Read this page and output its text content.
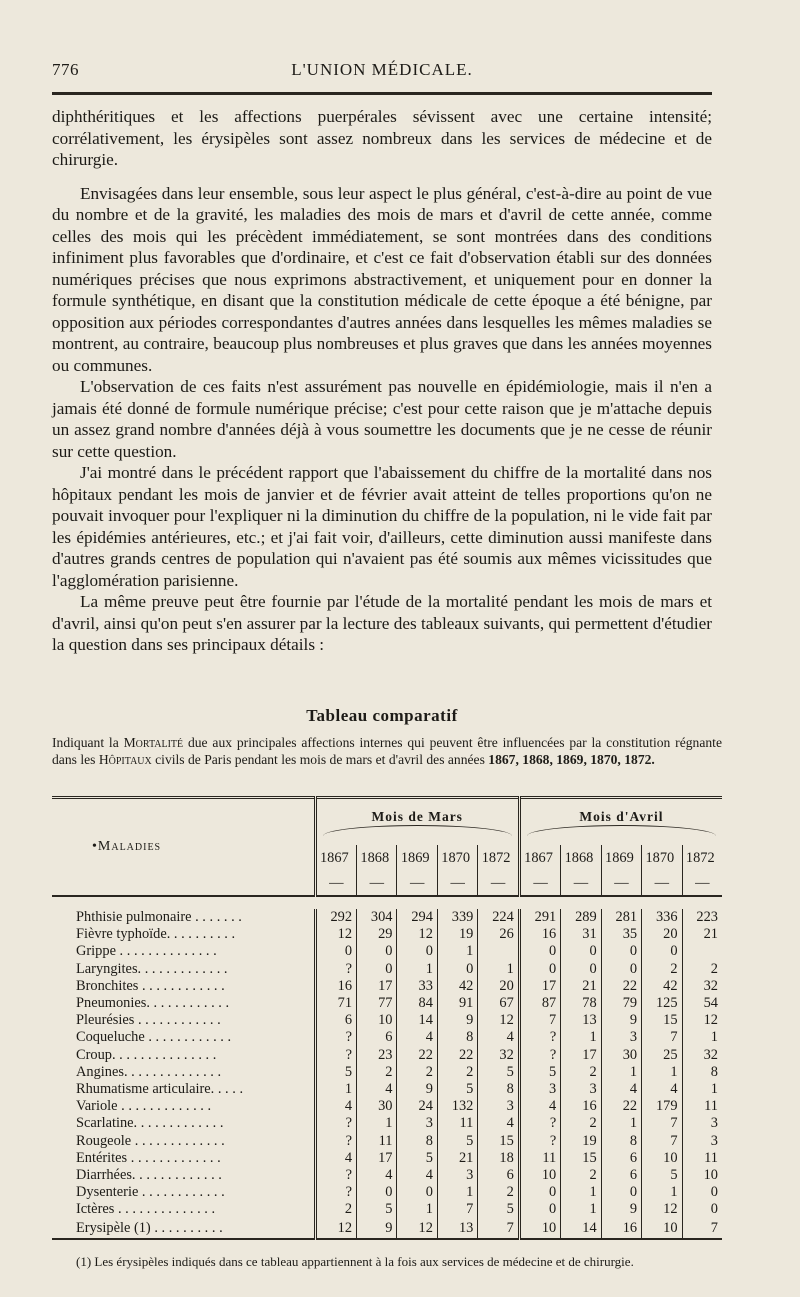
776	L'UNION MÉDICALE.

diphthéritiques et les affections puerpérales sévissent avec une certaine intensité; corrélativement, les érysipèles sont assez nombreux dans les services de médecine et de chirurgie.

Envisagées dans leur ensemble, sous leur aspect le plus général, c'est-à-dire au point de vue du nombre et de la gravité, les maladies des mois de mars et d'avril de cette année, comme celles des mois qui les précèdent immédiatement, se sont montrées dans des conditions infiniment plus favorables que d'ordinaire, et c'est ce fait d'observation établi sur des données numériques précises que nous exprimons abstractivement, et uniquement pour en donner la formule synthétique, en disant que la constitution médicale de cette époque a été bénigne, par opposition aux périodes correspondantes d'autres années dans lesquelles les mêmes maladies se montrent, au contraire, beaucoup plus nombreuses et plus graves que dans les années moyennes ou communes.

L'observation de ces faits n'est assurément pas nouvelle en épidémiologie, mais il n'en a jamais été donné de formule numérique précise; c'est pour cette raison que je m'attache depuis un assez grand nombre d'années déjà à vous soumettre les documents que je ne cesse de réunir sur cette question.

J'ai montré dans le précédent rapport que l'abaissement du chiffre de la mortalité dans nos hôpitaux pendant les mois de janvier et de février avait atteint de telles proportions qu'on ne pouvait invoquer pour l'expliquer ni la diminution du chiffre de la population, ni le vide fait par les épidémies antérieures, etc.; et j'ai fait voir, d'ailleurs, cette diminution aussi manifeste dans d'autres grands centres de population qui n'avaient pas été soumis aux mêmes vicissitudes que l'agglomération parisienne.

La même preuve peut être fournie par l'étude de la mortalité pendant les mois de mars et d'avril, ainsi qu'on peut s'en assurer par la lecture des tableaux suivants, qui permettent d'étudier la question dans ses principaux détails :

Tableau comparatif
Indiquant la Mortalité due aux principales affections internes qui peuvent être influencées par la constitution régnante dans les Hôpitaux civils de Paris pendant les mois de mars et d'avril des années 1867, 1868, 1869, 1870, 1872.
•Maladies	Mois de Mars					Mois d'Avril				

	1867	1868	1869	1870	1872	1867	1868	1869	1870	1872
	—	—	—	—	—	—	—	—	—	—

Phthisie pulmonaire . . . . . . .	292	304	294	339	224	291	289	281	336	223
Fièvre typhoïde. . . . . . . . . .	12	29	12	19	26	16	31	35	20	21
Grippe . . . . . . . . . . . . . .	0	0	0	1		0	0	0	0	
Laryngites. . . . . . . . . . . . .	?	0	1	0	1	0	0	0	2	2
Bronchites . . . . . . . . . . . .	16	17	33	42	20	17	21	22	42	32
Pneumonies. . . . . . . . . . . .	71	77	84	91	67	87	78	79	125	54
Pleurésies . . . . . . . . . . . .	6	10	14	9	12	7	13	9	15	12
Coqueluche . . . . . . . . . . . .	?	6	4	8	4	?	1	3	7	1
Croup. . . . . . . . . . . . . . .	?	23	22	22	32	?	17	30	25	32
Angines. . . . . . . . . . . . . .	5	2	2	2	5	5	2	1	1	8
Rhumatisme articulaire. . . . .	1	4	9	5	8	3	3	4	4	1
Variole . . . . . . . . . . . . .	4	30	24	132	3	4	16	22	179	11
Scarlatine. . . . . . . . . . . . .	?	1	3	11	4	?	2	1	7	3
Rougeole . . . . . . . . . . . . .	?	11	8	5	15	?	19	8	7	3
Entérites . . . . . . . . . . . . .	4	17	5	21	18	11	15	6	10	11
Diarrhées. . . . . . . . . . . . .	?	4	4	3	6	10	2	6	5	10
Dysenterie . . . . . . . . . . . .	?	0	0	1	2	0	1	0	1	0
Ictères . . . . . . . . . . . . . .	2	5	1	7	5	0	1	9	12	0
Erysipèle (1) . . . . . . . . . .	12	9	12	13	7	10	14	16	10	7
(1) Les érysipèles indiqués dans ce tableau appartiennent à la fois aux services de médecine et de chirurgie.
